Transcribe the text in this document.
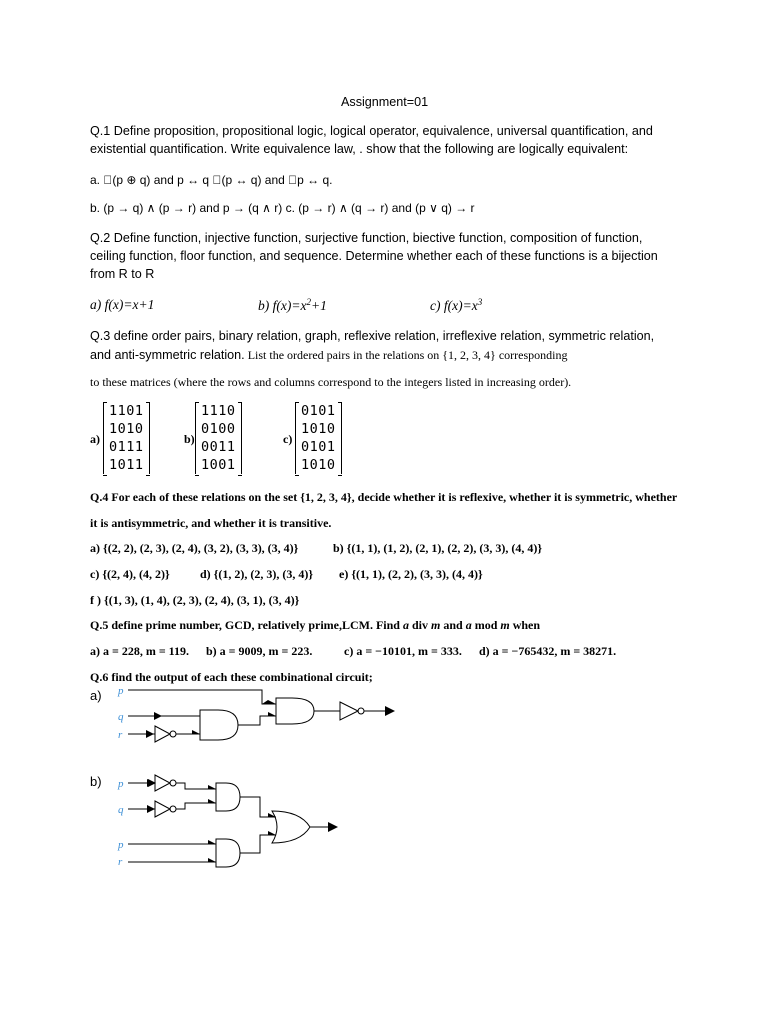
Assignment=01
Q.1 Define proposition, propositional logic, logical operator, equivalence, universal quantification, and
existential quantification. Write equivalence law, . show that the following are logically equivalent:
a. (p ⊕ q) and p ↔ q (p ↔ q) and p ↔ q.
b. (p → q) ∧ (p → r) and p → (q ∧ r) c. (p → r) ∧ (q → r) and (p ∨ q) → r
Q.2 Define function, injective function, surjective function, biective function, composition of function,
ceiling function, floor function, and sequence. Determine whether each of these functions is a bijection
from R to R
a) f(x)=x+1	b) $f(x)=x^2+1$	c) $f(x)=x^3$
Q.3 define order pairs, binary relation, graph, reflexive relation, irreflexive relation, symmetric relation,
and anti-symmetric relation. List the ordered pairs in the relations on {1, 2, 3, 4} corresponding
to these matrices (where the rows and columns correspond to the integers listed in increasing order).
a)
1101
1010
0111
1011
b)
1110
0100
0011
1001
c)
0101
1010
0101
1010
Q.4 For each of these relations on the set {1, 2, 3, 4}, decide whether it is reflexive, whether it is symmetric, whether
it is antisymmetric, and whether it is transitive.
a) {(2, 2), (2, 3), (2, 4), (3, 2), (3, 3), (3, 4)}	b) {(1, 1), (1, 2), (2, 1), (2, 2), (3, 3), (4, 4)}
c) {(2, 4), (4, 2)}	d) {(1, 2), (2, 3), (3, 4)} e) {(1, 1), (2, 2), (3, 3), (4, 4)}
f ) {(1, 3), (1, 4), (2, 3), (2, 4), (3, 1), (3, 4)}
Q.5 define prime number, GCD, relatively prime,LCM. Find a div m and a mod m when
a) a = 228, m = 119. b) a = 9009, m = 223.	c) a = −10101, m = 333. d) a = −765432, m = 38271.
Q.6 find the output of each these combinational circuit;
a)
b)
p
q
r
p
q
p
r
